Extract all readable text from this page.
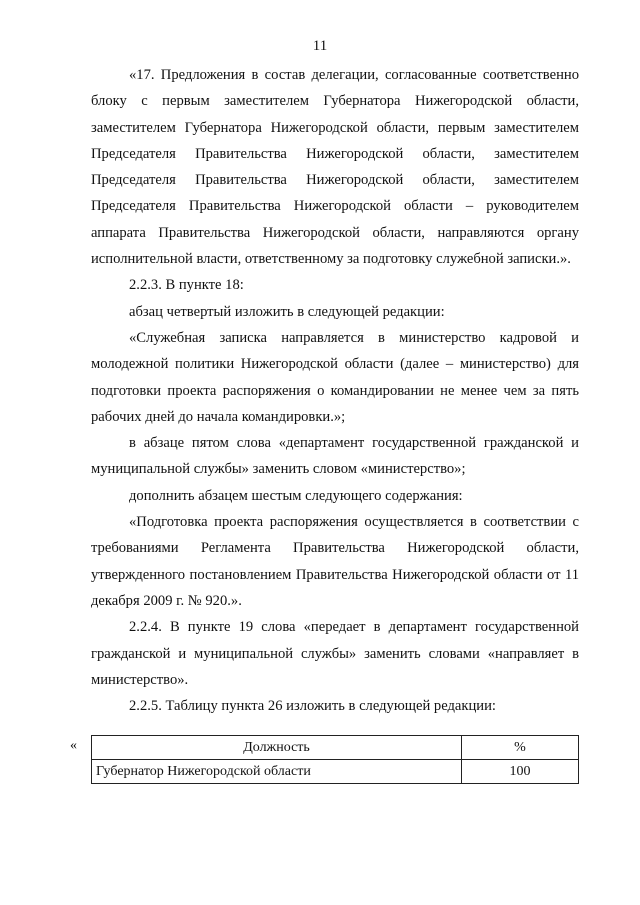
11

«17. Предложения в состав делегации, согласованные соответственно блоку с первым заместителем Губернатора Нижегородской области, заместителем Губернатора Нижегородской области, первым заместителем Председателя Правительства Нижегородской области, заместителем Председателя Правительства Нижегородской области, заместителем Председателя Правительства Нижегородской области – руководителем аппарата Правительства Нижегородской области, направляются органу исполнительной власти, ответственному за подготовку служебной записки.».

2.2.3. В пункте 18:

абзац четвертый изложить в следующей редакции:

«Служебная записка направляется в министерство кадровой и молодежной политики Нижегородской области (далее – министерство) для подготовки проекта распоряжения о командировании не менее чем за пять рабочих дней до начала командировки.»;

в абзаце пятом слова «департамент государственной гражданской и муниципальной службы» заменить словом «министерство»;

дополнить абзацем шестым следующего содержания:

«Подготовка проекта распоряжения осуществляется в соответствии с требованиями Регламента Правительства Нижегородской области, утвержденного постановлением Правительства Нижегородской области от 11 декабря 2009 г. № 920.».

2.2.4. В пункте 19 слова «передает в департамент государственной гражданской и муниципальной службы» заменить словами «направляет в министерство».

2.2.5. Таблицу пункта 26 изложить в следующей редакции:

«	Должность	%
Губернатор Нижегородской области	100
